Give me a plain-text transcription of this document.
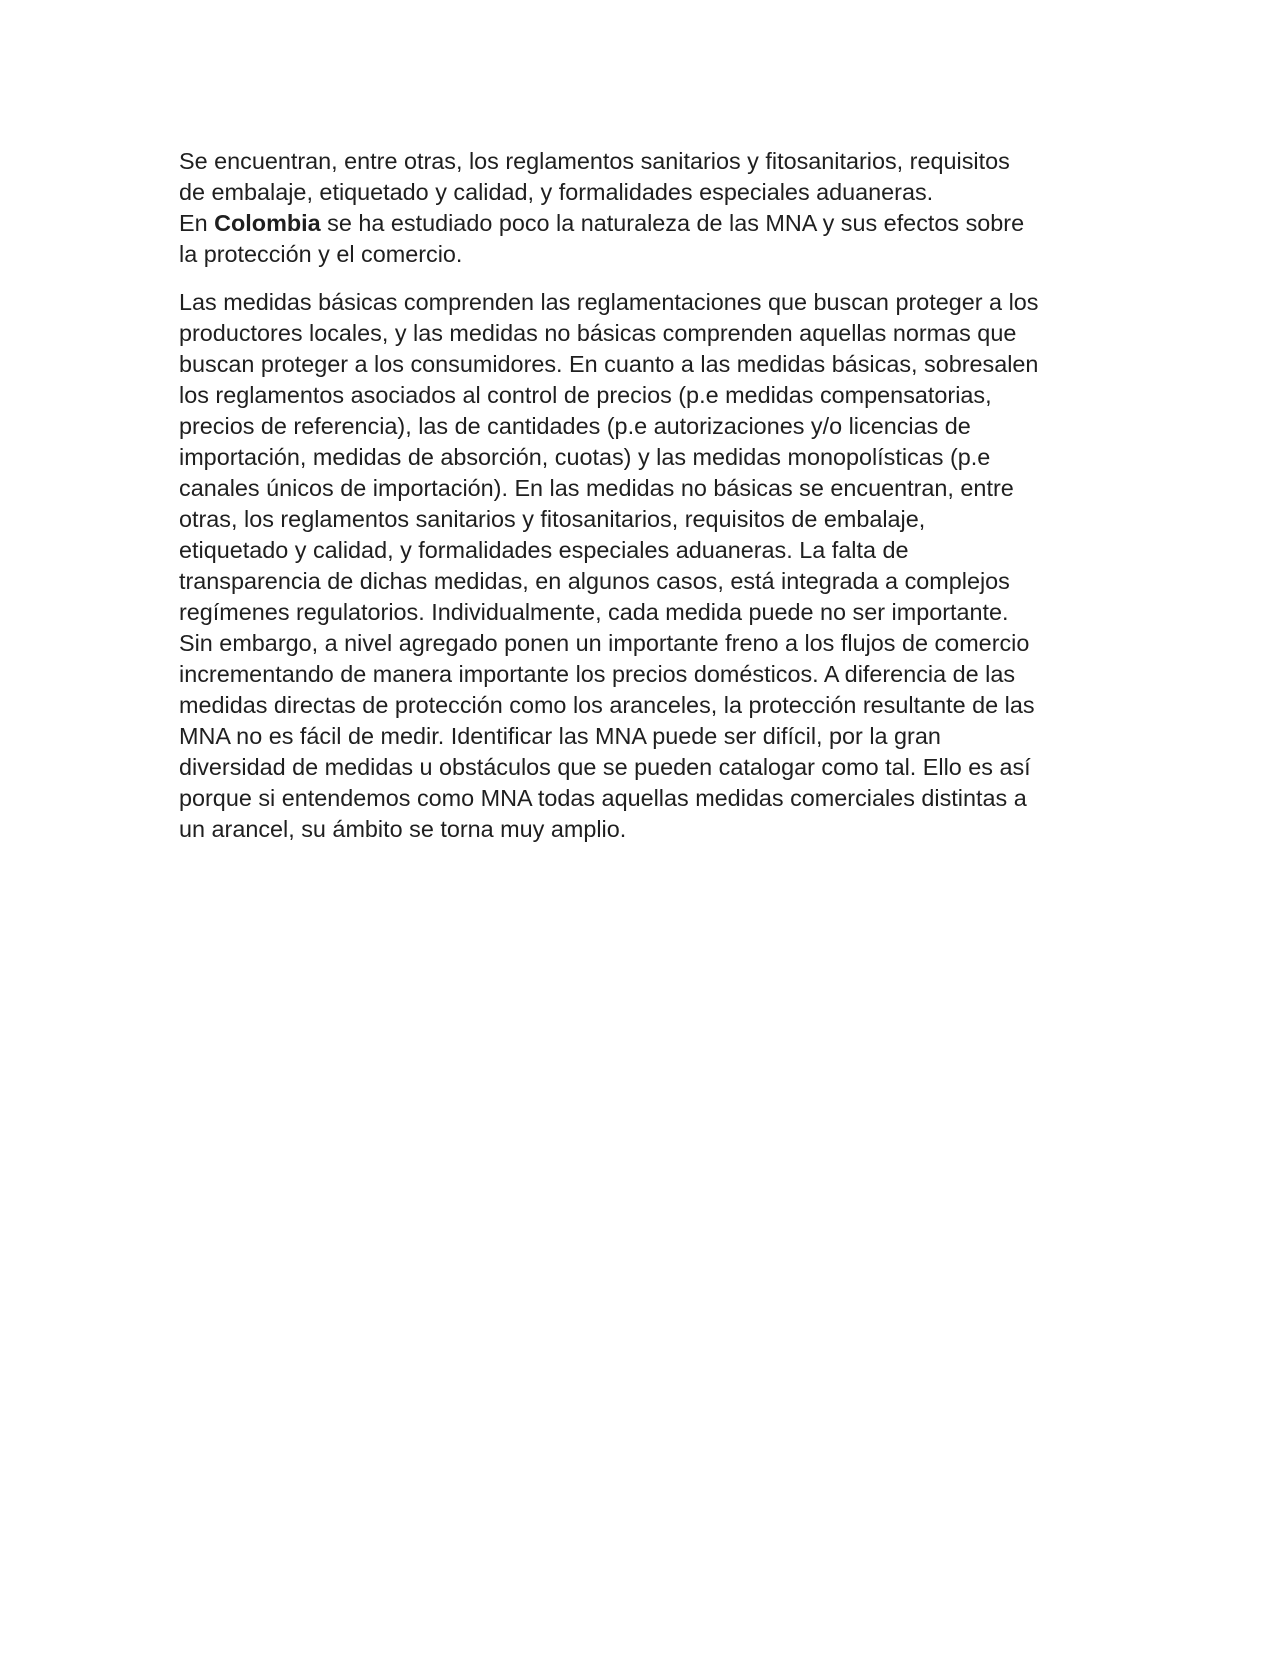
Se encuentran, entre otras, los reglamentos sanitarios y fitosanitarios, requisitos
de embalaje, etiquetado y calidad, y formalidades especiales aduaneras.
En Colombia se ha estudiado poco la naturaleza de las MNA y sus efectos sobre
la protección y el comercio.

Las medidas básicas comprenden las reglamentaciones que buscan proteger a los
productores locales, y las medidas no básicas comprenden aquellas normas que
buscan proteger a los consumidores. En cuanto a las medidas básicas, sobresalen
los reglamentos asociados al control de precios (p.e medidas compensatorias,
precios de referencia), las de cantidades (p.e autorizaciones y/o licencias de
importación, medidas de absorción, cuotas) y las medidas monopolísticas (p.e
canales únicos de importación). En las medidas no básicas se encuentran, entre
otras, los reglamentos sanitarios y fitosanitarios, requisitos de embalaje,
etiquetado y calidad, y formalidades especiales aduaneras. La falta de
transparencia de dichas medidas, en algunos casos, está integrada a complejos
regímenes regulatorios. Individualmente, cada medida puede no ser importante.
Sin embargo, a nivel agregado ponen un importante freno a los flujos de comercio
incrementando de manera importante los precios domésticos. A diferencia de las
medidas directas de protección como los aranceles, la protección resultante de las
MNA no es fácil de medir. Identificar las MNA puede ser difícil, por la gran
diversidad de medidas u obstáculos que se pueden catalogar como tal. Ello es así
porque si entendemos como MNA todas aquellas medidas comerciales distintas a
un arancel, su ámbito se torna muy amplio.
